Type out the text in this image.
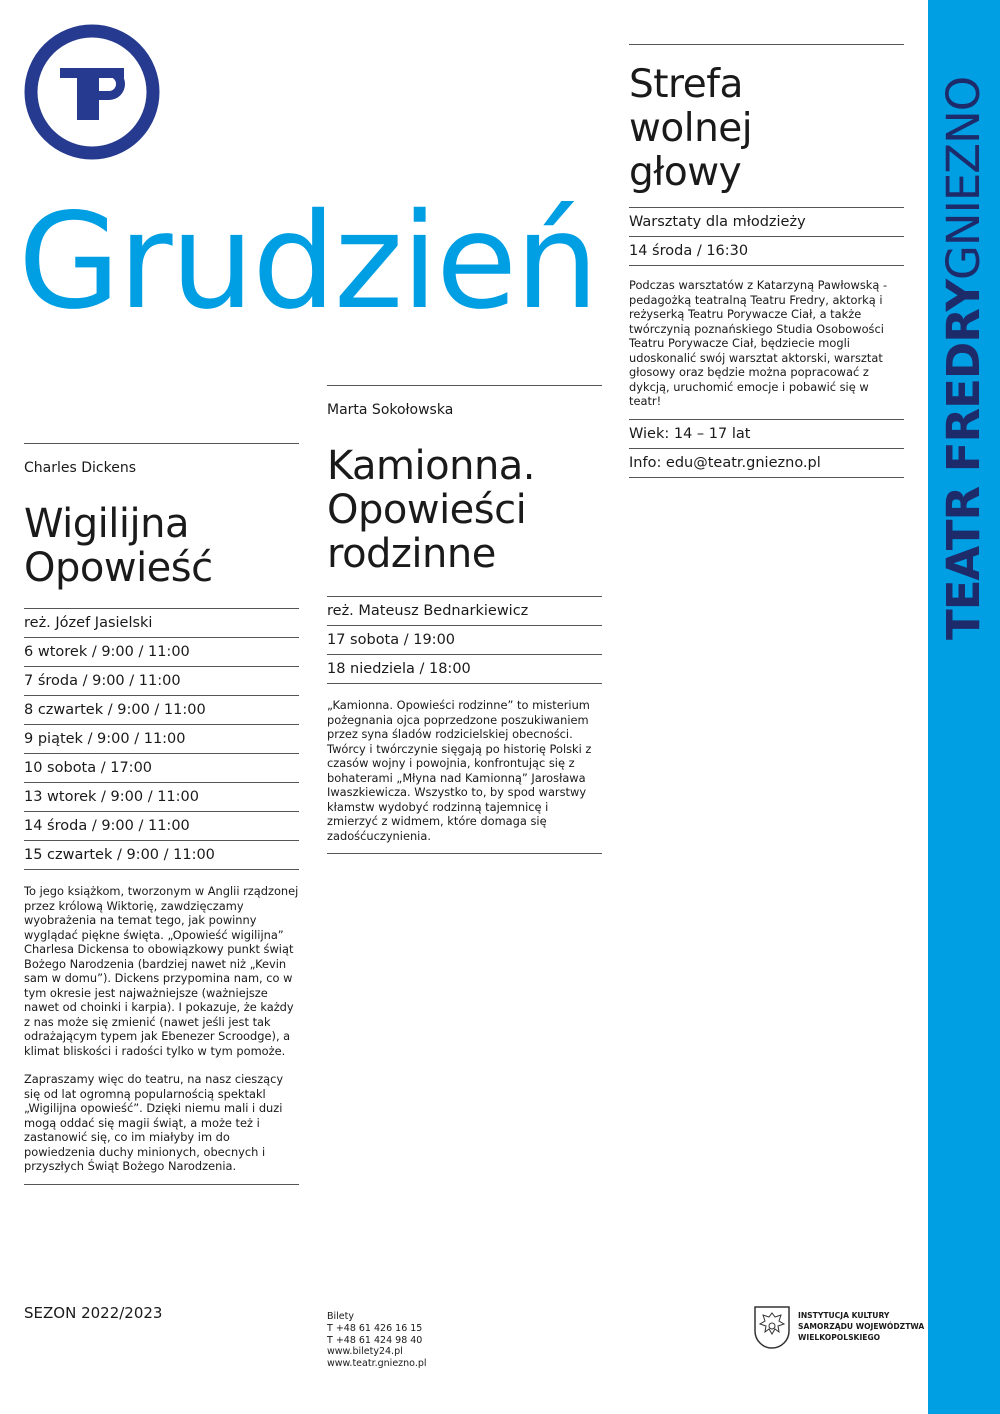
Grudzień

Charles Dickens

Wigilijna
Opowieść
reż. Józef Jasielski
6 wtorek / 9:00 / 11:00
7 środa / 9:00 / 11:00
8 czwartek / 9:00 / 11:00
9 piątek / 9:00 / 11:00
10 sobota / 17:00
13 wtorek / 9:00 / 11:00
14 środa / 9:00 / 11:00
15 czwartek / 9:00 / 11:00

To jego książkom, tworzonym w Anglii rządzonej przez królową Wiktorię, zawdzięczamy wyobrażenia na temat tego, jak powinny wyglądać piękne święta. „Opowieść wigilijna” Charlesa Dickensa to obowiązkowy punkt świąt Bożego Narodzenia (bardziej nawet niż „Kevin sam w domu”). Dickens przypomina nam, co w tym okresie jest najważniejsze (ważniejsze nawet od choinki i karpia). I pokazuje, że każdy z nas może się zmienić (nawet jeśli jest tak odrażającym typem jak Ebenezer Scroodge), a klimat bliskości i radości tylko w tym pomoże.

Zapraszamy więc do teatru, na nasz cieszący się od lat ogromną popularnością spektakl „Wigilijna opowieść”. Dzięki niemu mali i duzi mogą oddać się magii świąt, a może też i zastanowić się, co im miałyby im do powiedzenia duchy minionych, obecnych i przyszłych Świąt Bożego Narodzenia.

Marta Sokołowska

Kamionna.
Opowieści
rodzinne
reż. Mateusz Bednarkiewicz
17 sobota / 19:00
18 niedziela / 18:00

„Kamionna. Opowieści rodzinne” to misterium pożegnania ojca poprzedzone poszukiwaniem przez syna śladów rodzicielskiej obecności. Twórcy i twórczynie sięgają po historię Polski z czasów wojny i powojnia, konfrontując się z bohaterami „Młyna nad Kamionną” Jarosława Iwaszkiewicza. Wszystko to, by spod warstwy kłamstw wydobyć rodzinną tajemnicę i zmierzyć z widmem, które domaga się zadośćuczynienia.

Strefa
wolnej
głowy
Warsztaty dla młodzieży
14 środa / 16:30

Podczas warsztatów z Katarzyną Pawłowską - pedagożką teatralną Teatru Fredry, aktorką i reżyserką Teatru Porywacze Ciał, a także twórczynią poznańskiego Studia Osobowości Teatru Porywacze Ciał, będziecie mogli udoskonalić swój warsztat aktorski, warsztat głosowy oraz będzie można popracować z dykcją, uruchomić emocje i pobawić się w teatr!

Wiek: 14 – 17 lat
Info: edu@teatr.gniezno.pl
SEZON 2022/2023	Bilety
T +48 61 426 16 15
T +48 61 424 98 40
www.bilety24.pl
www.teatr.gniezno.pl
INSTYTUCJA KULTURY
SAMORZĄDU WOJEWÓDZTWA
WIELKOPOLSKIEGO
TEATR FREDRYGNIEZNO
